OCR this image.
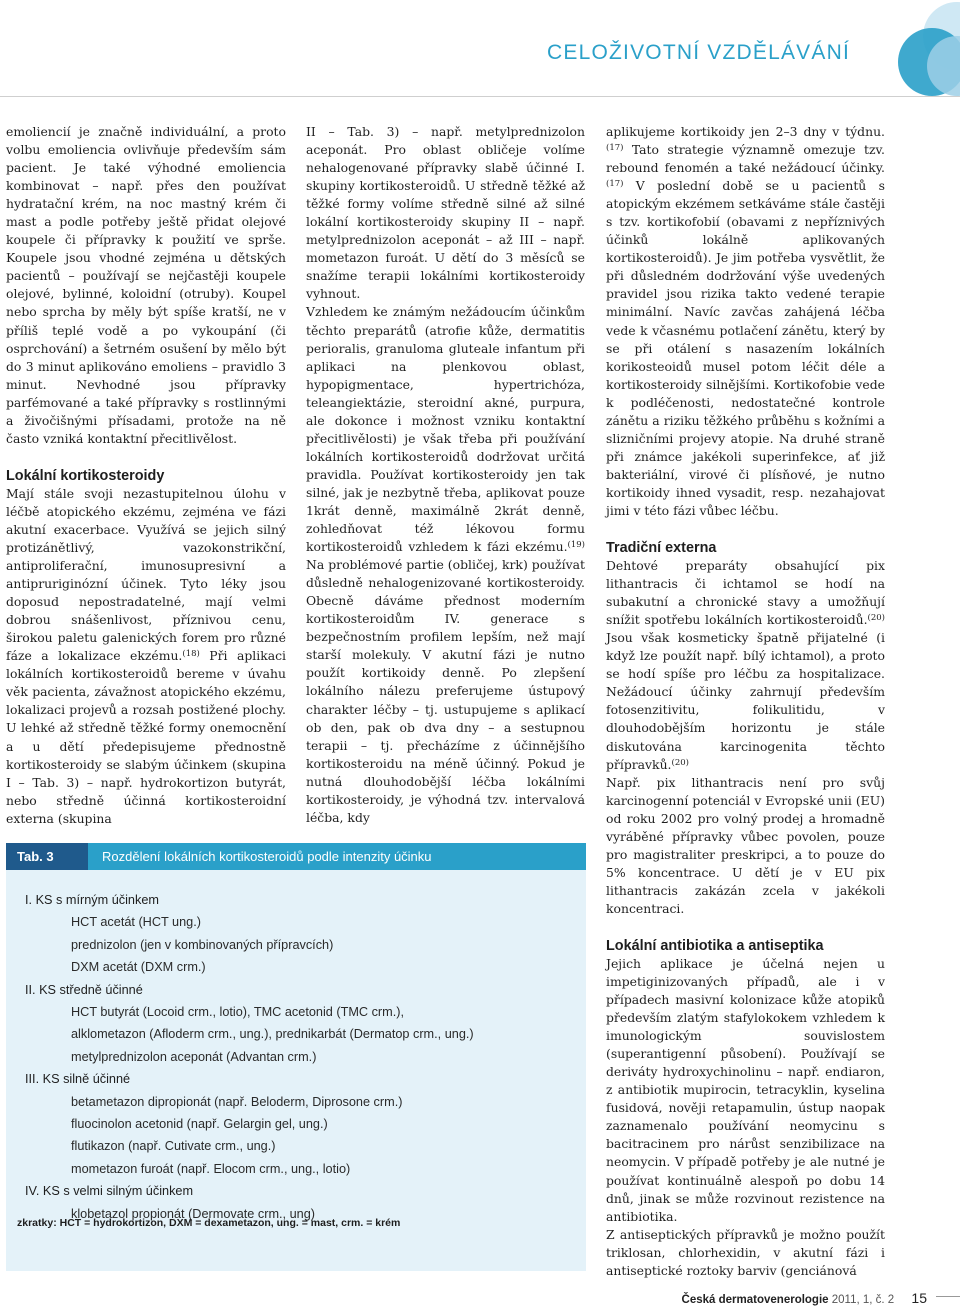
CELOŽIVOTNÍ VZDĚLÁVÁNÍ

emoliencií je značně individuální, a proto volbu emoliencia ovlivňuje především sám pacient. Je také výhodné emoliencia kombinovat – např. přes den používat hydratační krém, na noc mastný krém či mast a podle potřeby ještě přidat olejové koupele či přípravky k použití ve sprše. Koupele jsou vhodné zejména u dětských pacientů – používají se nejčastěji koupele olejové, bylinné, koloidní (otruby). Koupel nebo sprcha by měly být spíše kratší, ne v příliš teplé vodě a po vykoupání (či osprchování) a šetrném osušení by mělo být do 3 minut aplikováno emoliens – pravidlo 3 minut. Nevhodné jsou přípravky parfémované a také přípravky s rostlinnými a živočišnými přísadami, protože na ně často vzniká kontaktní přecitlivělost.

Lokální kortikosteroidy

Mají stále svoji nezastupitelnou úlohu v léčbě atopického ekzému, zejména ve fázi akutní exacerbace. Využívá se jejich silný protizánětlivý, vazokonstrikční, antiproliferační, imunosupresivní a antipruriginózní účinek. Tyto léky jsou doposud nepostradatelné, mají velmi dobrou snášenlivost, příznivou cenu, širokou paletu galenických forem pro různé fáze a lokalizace ekzému.$^{(18)}$ Při aplikaci lokálních kortikosteroidů bereme v úvahu věk pacienta, závažnost atopického ekzému, lokalizaci projevů a rozsah postižené plochy. U lehké až středně těžké formy onemocnění a u dětí předepisujeme přednostně kortikosteroidy se slabým účinkem (skupina I – Tab. 3) – např. hydrokortizon butyrát, nebo středně účinná kortikosteroidní externa (skupina

II – Tab. 3) – např. metylprednizolon aceponát. Pro oblast obličeje volíme nehalogenované přípravky slabě účinné I. skupiny kortikosteroidů. U středně těžké až těžké formy volíme středně silné až silné lokální kortikosteroidy skupiny II – např. metylprednizolon aceponát – až III – např. mometazon furoát. U dětí do 3 měsíců se snažíme terapii lokálními kortikosteroidy vyhnout.

Vzhledem ke známým nežádoucím účinkům těchto preparátů (atrofie kůže, dermatitis perioralis, granuloma gluteale infantum při aplikaci na plenkovou oblast, hypopigmentace, hypertrichóza, teleangiektázie, steroidní akné, purpura, ale dokonce i možnost vzniku kontaktní přecitlivělosti) je však třeba při používání lokálních kortikosteroidů dodržovat určitá pravidla. Používat kortikosteroidy jen tak silné, jak je nezbytně třeba, aplikovat pouze 1krát denně, maximálně 2krát denně, zohledňovat též lékovou formu kortikosteroidů vzhledem k fázi ekzému.$^{(19)}$ Na problémové partie (obličej, krk) používat důsledně nehalogenizované kortikosteroidy. Obecně dáváme přednost moderním kortikosteroidům IV. generace s bezpečnostním profilem lepším, než mají starší molekuly. V akutní fázi je nutno použít kortikoidy denně. Po zlepšení lokálního nálezu preferujeme ústupový charakter léčby – tj. ustupujeme s aplikací ob den, pak ob dva dny – a sestupnou terapii – tj. přecházíme z účinnějšího kortikosteroidu na méně účinný. Pokud je nutná dlouhodobější léčba lokálními kortikosteroidy, je výhodná tzv. intervalová léčba, kdy

aplikujeme kortikoidy jen 2–3 dny v týdnu.$^{(17)}$ Tato strategie významně omezuje tzv. rebound fenomén a také nežádoucí účinky.$^{(17)}$ V poslední době se u pacientů s atopickým ekzémem setkáváme stále častěji s tzv. kortikofobií (obavami z nepříznivých účinků lokálně aplikovaných kortikosteroidů). Je jim potřeba vysvětlit, že při důsledném dodržování výše uvedených pravidel jsou rizika takto vedené terapie minimální. Navíc zavčas zahájená léčba vede k včasnému potlačení zánětu, který by se při otálení s nasazením lokálních korikosteoidů musel potom léčit déle a kortikosteroidy silnějšími. Kortikofobie vede k podléčenosti, nedostatečné kontrole zánětu a riziku těžkého průběhu s kožními a slizničními projevy atopie. Na druhé straně při známce jakékoli superinfekce, ať již bakteriální, virové či plísňové, je nutno kortikoidy ihned vysadit, resp. nezahajovat jimi v této fázi vůbec léčbu.

Tradiční externa

Dehtové preparáty obsahující pix lithantracis či ichtamol se hodí na subakutní a chronické stavy a umožňují snížit spotřebu lokálních kortikosteroidů.$^{(20)}$ Jsou však kosmeticky špatně přijatelné (i když lze použít např. bílý ichtamol), a proto se hodí spíše pro léčbu za hospitalizace. Nežádoucí účinky zahrnují především fotosenzitivitu, folikulitidu, v dlouhodobějším horizontu je stále diskutována karcinogenita těchto přípravků.$^{(20)}$

Např. pix lithantracis není pro svůj karcinogenní potenciál v Evropské unii (EU) od roku 2002 pro volný prodej a hromadně vyráběné přípravky vůbec povolen, pouze pro magistraliter preskripci, a to pouze do 5% koncentrace. U dětí je v EU pix lithantracis zakázán zcela v jakékoli koncentraci.

Lokální antibiotika a antiseptika

Jejich aplikace je účelná nejen u impetiginizovaných případů, ale i v případech masivní kolonizace kůže atopiků především zlatým stafylokokem vzhledem k imunologickým souvislostem (superantigenní působení). Používají se deriváty hydroxychinolinu – např. endiaron, z antibiotik mupirocin, tetracyklin, kyselina fusidová, nověji retapamulin, ústup naopak zaznamenalo používání neomycinu s bacitracinem pro nárůst senzibilizace na neomycin. V případě potřeby je ale nutné je používat kontinuálně alespoň po dobu 14 dnů, jinak se může rozvinout rezistence na antibiotika.

Z antiseptických přípravků je možno použít triklosan, chlorhexidin, v akutní fázi i antiseptické roztoky barviv (genciánová

Tab. 3	Rozdělení lokálních kortikosteroidů podle intenzity účinku
I. KS s mírným účinkem
HCT acetát (HCT ung.)
prednizolon (jen v kombinovaných přípravcích)
DXM acetát (DXM crm.)
II. KS středně účinné
HCT butyrát (Locoid crm., lotio), TMC acetonid (TMC crm.),
alklometazon (Afloderm crm., ung.), prednikarbát (Dermatop crm., ung.)
metylprednizolon aceponát (Advantan crm.)
III. KS silně účinné
betametazon dipropionát (např. Beloderm, Diprosone crm.)
fluocinolon acetonid (např. Gelargin gel, ung.)
flutikazon (např. Cutivate crm., ung.)
mometazon furoát (např. Elocom crm., ung., lotio)
IV. KS s velmi silným účinkem
klobetazol propionát (Dermovate crm., ung)
zkratky: HCT = hydrokortizon, DXM = dexametazon, ung. = mast, crm. = krém
Česká dermatovenerologie 2011, 1, č. 2 15
